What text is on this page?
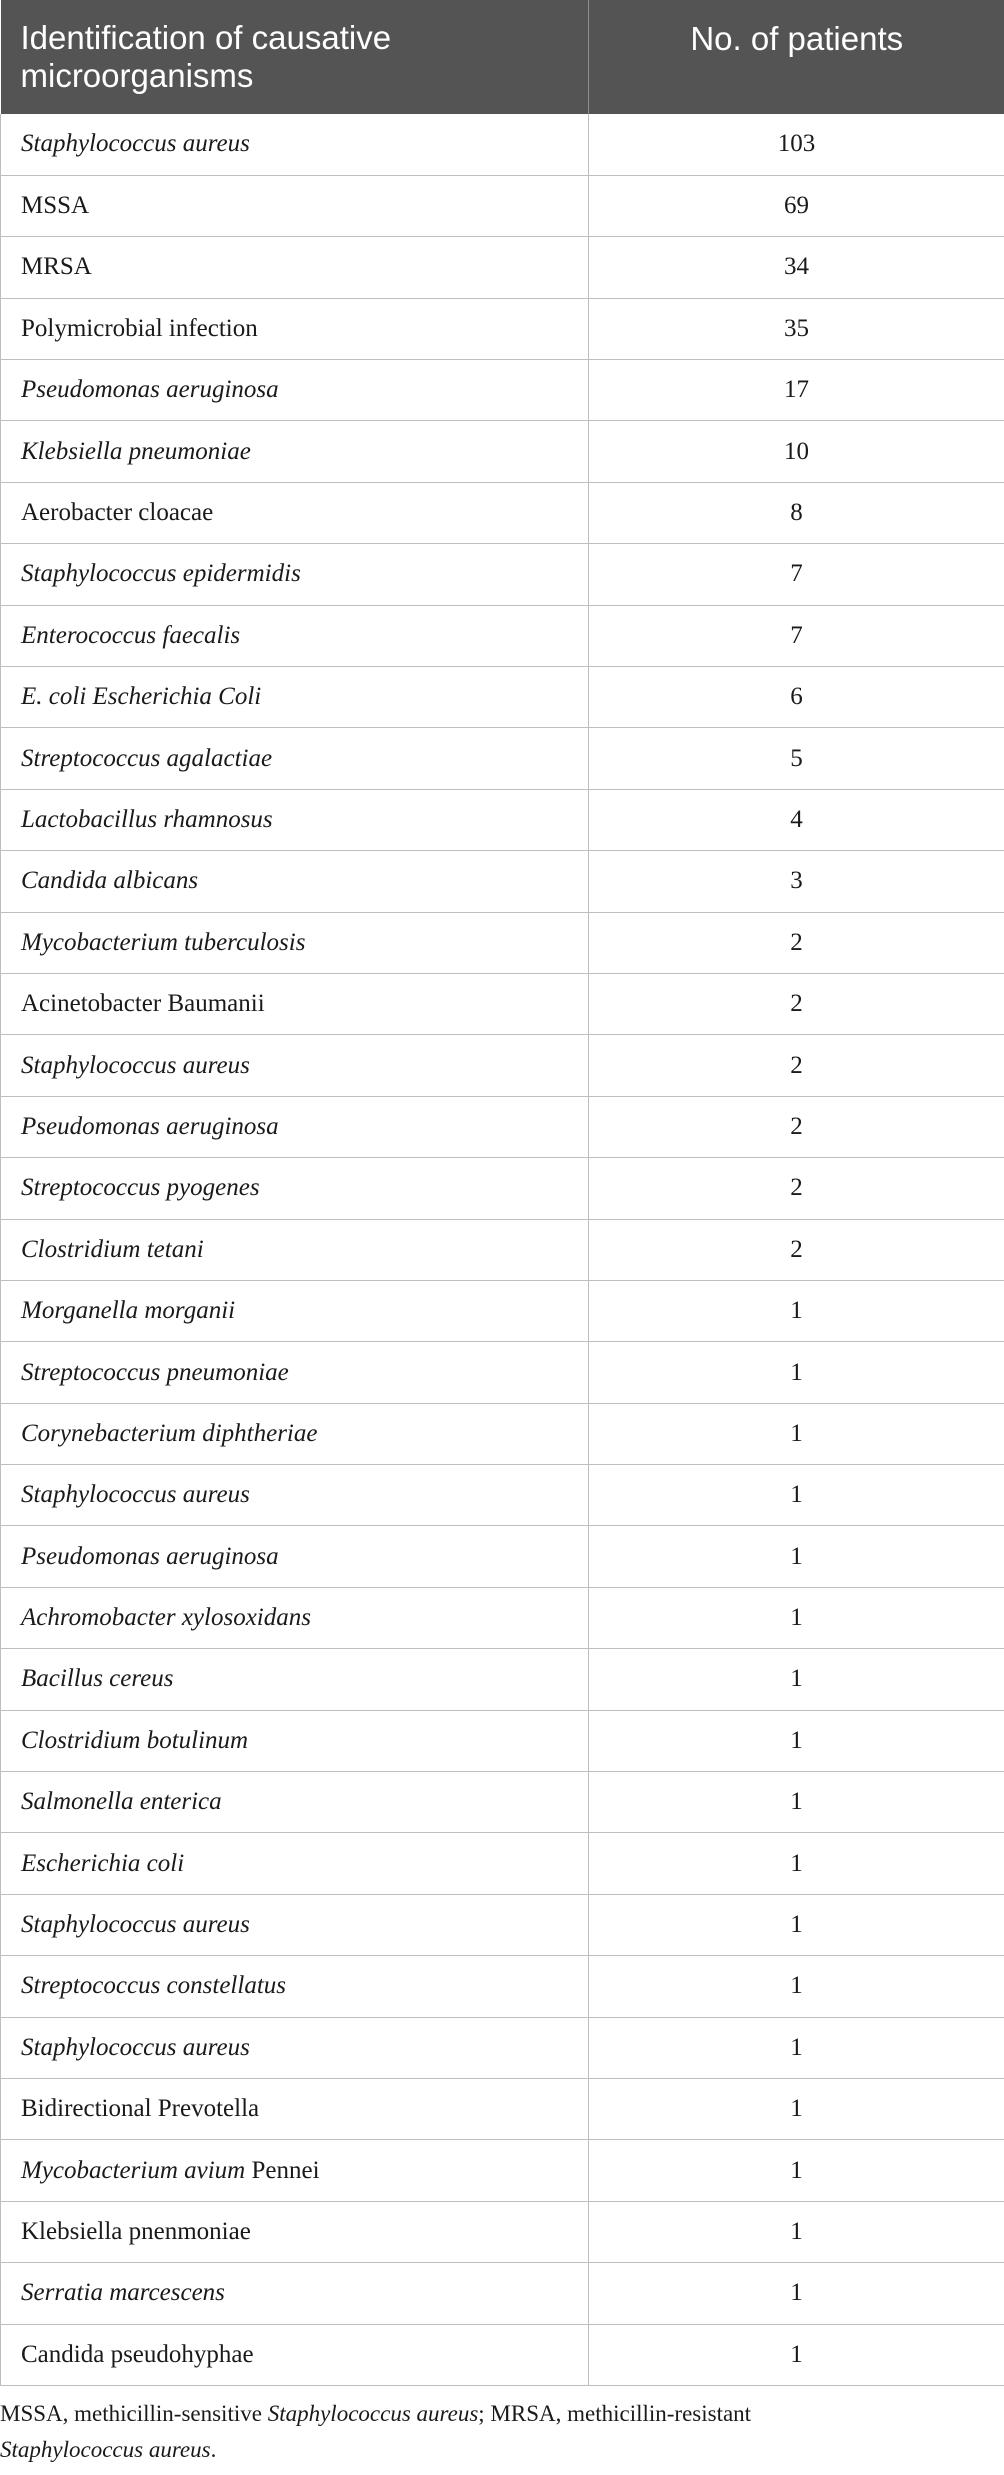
Identification of causative
microorganisms	No. of patients
Staphylococcus aureus	103
MSSA	69
MRSA	34
Polymicrobial infection	35
Pseudomonas aeruginosa	17
Klebsiella pneumoniae	10
Aerobacter cloacae	8
Staphylococcus epidermidis	7
Enterococcus faecalis	7
E. coli Escherichia Coli	6
Streptococcus agalactiae	5
Lactobacillus rhamnosus	4
Candida albicans	3
Mycobacterium tuberculosis	2
Acinetobacter Baumanii	2
Staphylococcus aureus	2
Pseudomonas aeruginosa	2
Streptococcus pyogenes	2
Clostridium tetani	2
Morganella morganii	1
Streptococcus pneumoniae	1
Corynebacterium diphtheriae	1
Staphylococcus aureus	1
Pseudomonas aeruginosa	1
Achromobacter xylosoxidans	1
Bacillus cereus	1
Clostridium botulinum	1
Salmonella enterica	1
Escherichia coli	1
Staphylococcus aureus	1
Streptococcus constellatus	1
Staphylococcus aureus	1
Bidirectional Prevotella	1
Mycobacterium avium Pennei	1
Klebsiella pnenmoniae	1
Serratia marcescens	1
Candida pseudohyphae	1
MSSA, methicillin-sensitive Staphylococcus aureus; MRSA, methicillin-resistant
Staphylococcus aureus.
